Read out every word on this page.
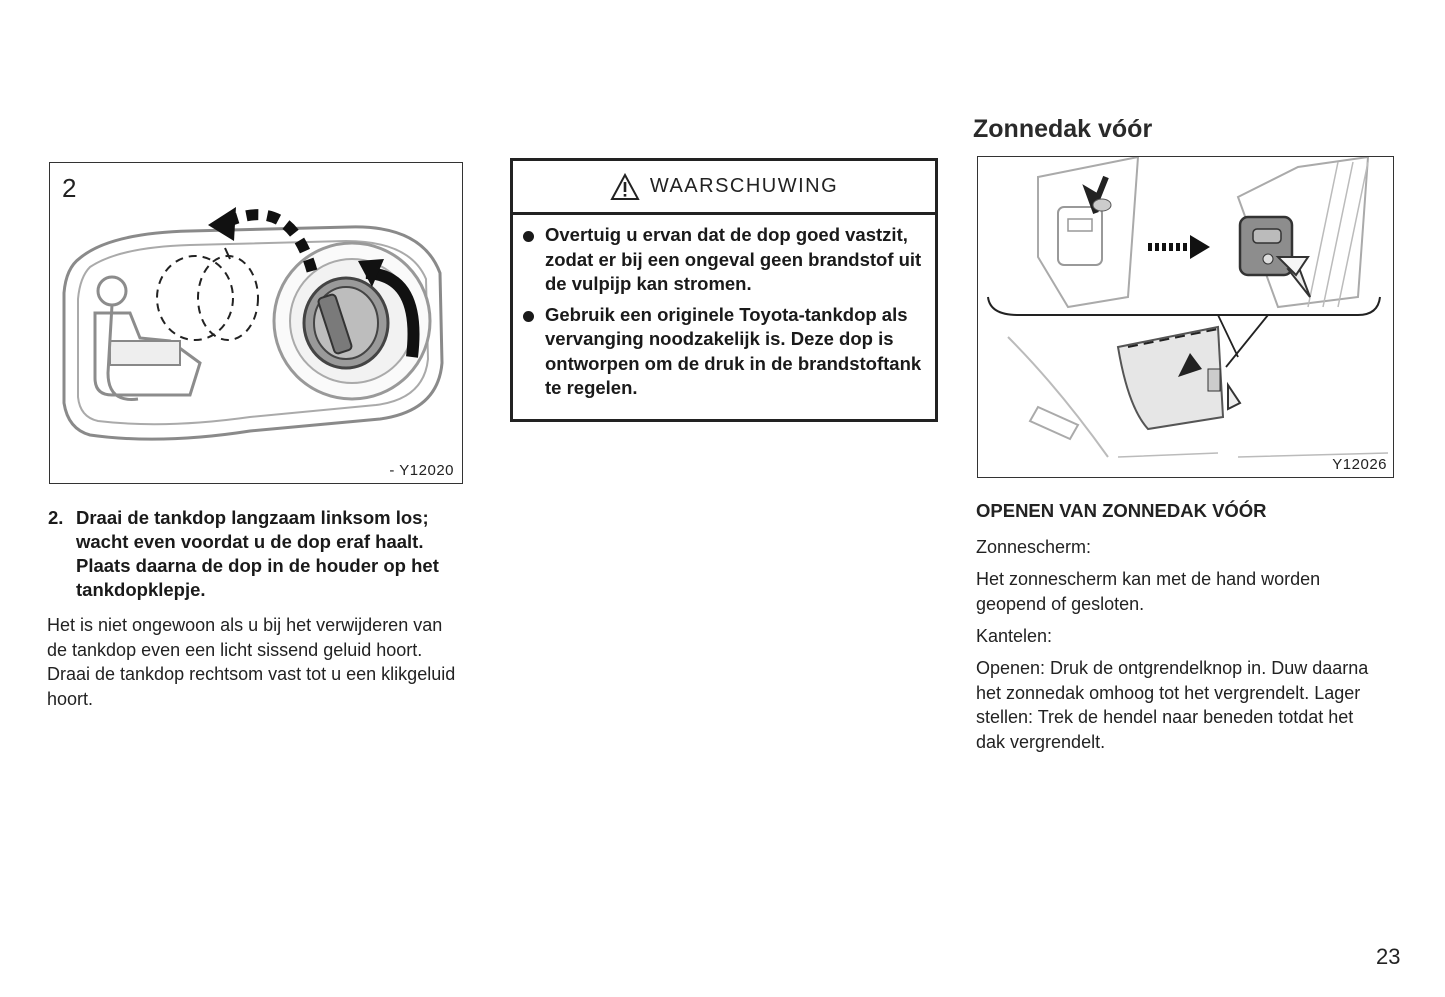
2
- Y12020
2. Draai de tankdop langzaam linksom los; wacht even voordat u de dop eraf haalt. Plaats daarna de dop in de houder op het tankdopklepje.
Het is niet ongewoon als u bij het verwijderen van de tankdop even een licht sissend geluid hoort. Draai de tankdop rechtsom vast tot u een klikgeluid hoort.
WAARSCHUWING
Overtuig u ervan dat de dop goed vastzit, zodat er bij een ongeval geen brandstof uit de vulpijp kan stromen.
Gebruik een originele Toyota-tankdop als vervanging noodzakelijk is. Deze dop is ontworpen om de druk in de brandstoftank te regelen.
Zonnedak vóór
Y12026
OPENEN VAN ZONNEDAK VÓÓR
Zonnescherm:
Het zonnescherm kan met de hand worden geopend of gesloten.
Kantelen:
Openen: Druk de ontgrendelknop in. Duw daarna het zonnedak omhoog tot het vergrendelt. Lager stellen: Trek de hendel naar beneden totdat het dak vergrendelt.
23
